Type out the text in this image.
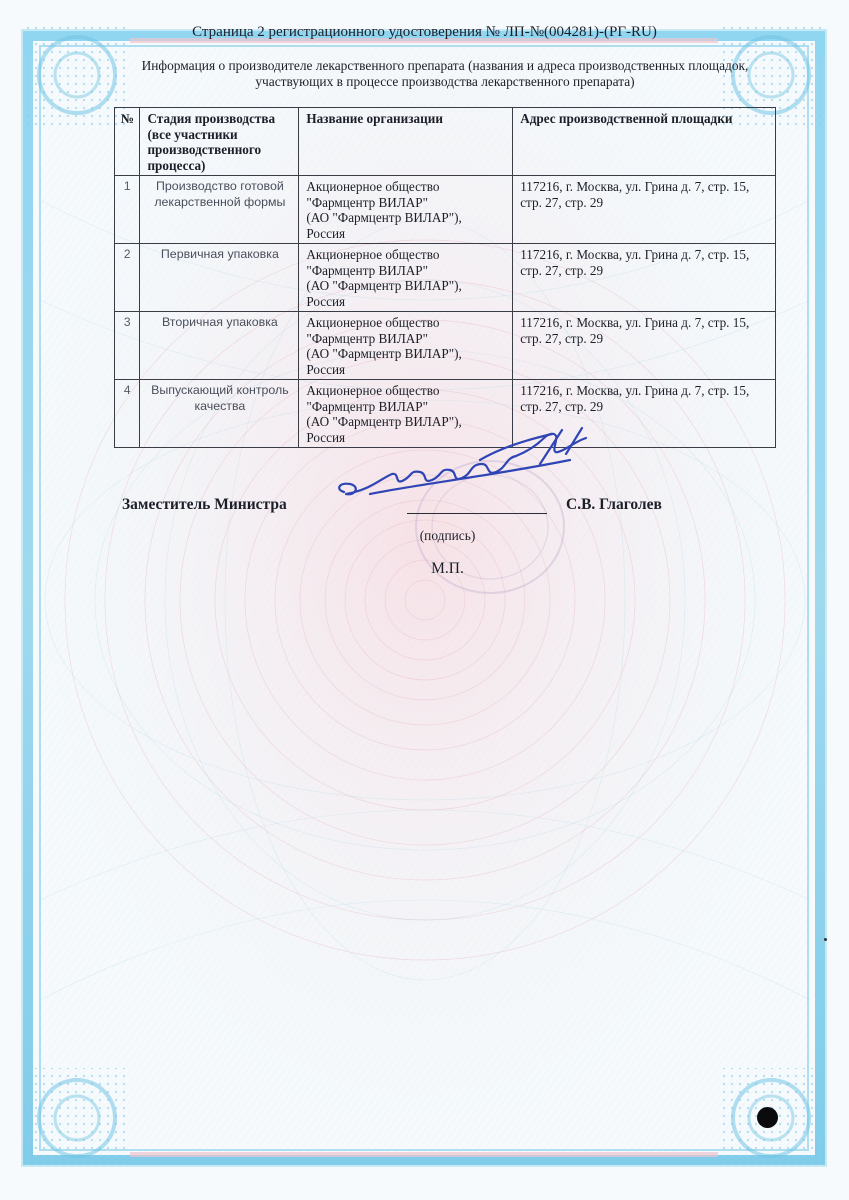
Страница 2 регистрационного удостоверения № ЛП-№(004281)-(РГ-RU)
Информация о производителе лекарственного препарата (названия и адреса производственных площадок,
участвующих в процессе производства лекарственного препарата)
№	Стадия производства (все участники производственного процесса)	Название организации	Адрес производственной площадки
1	Производство готовой лекарственной формы	Акционерное общество
"Фармцентр ВИЛАР"
(АО "Фармцентр ВИЛАР"),
Россия	117216, г. Москва, ул. Грина д. 7, стр. 15, стр. 27, стр. 29
2	Первичная упаковка	Акционерное общество
"Фармцентр ВИЛАР"
(АО "Фармцентр ВИЛАР"),
Россия	117216, г. Москва, ул. Грина д. 7, стр. 15, стр. 27, стр. 29
3	Вторичная упаковка	Акционерное общество
"Фармцентр ВИЛАР"
(АО "Фармцентр ВИЛАР"),
Россия	117216, г. Москва, ул. Грина д. 7, стр. 15, стр. 27, стр. 29
4	Выпускающий контроль качества	Акционерное общество
"Фармцентр ВИЛАР"
(АО "Фармцентр ВИЛАР"),
Россия	117216, г. Москва, ул. Грина д. 7, стр. 15, стр. 27, стр. 29
Заместитель Министра	С.В. Глаголев
(подпись)
М.П.
